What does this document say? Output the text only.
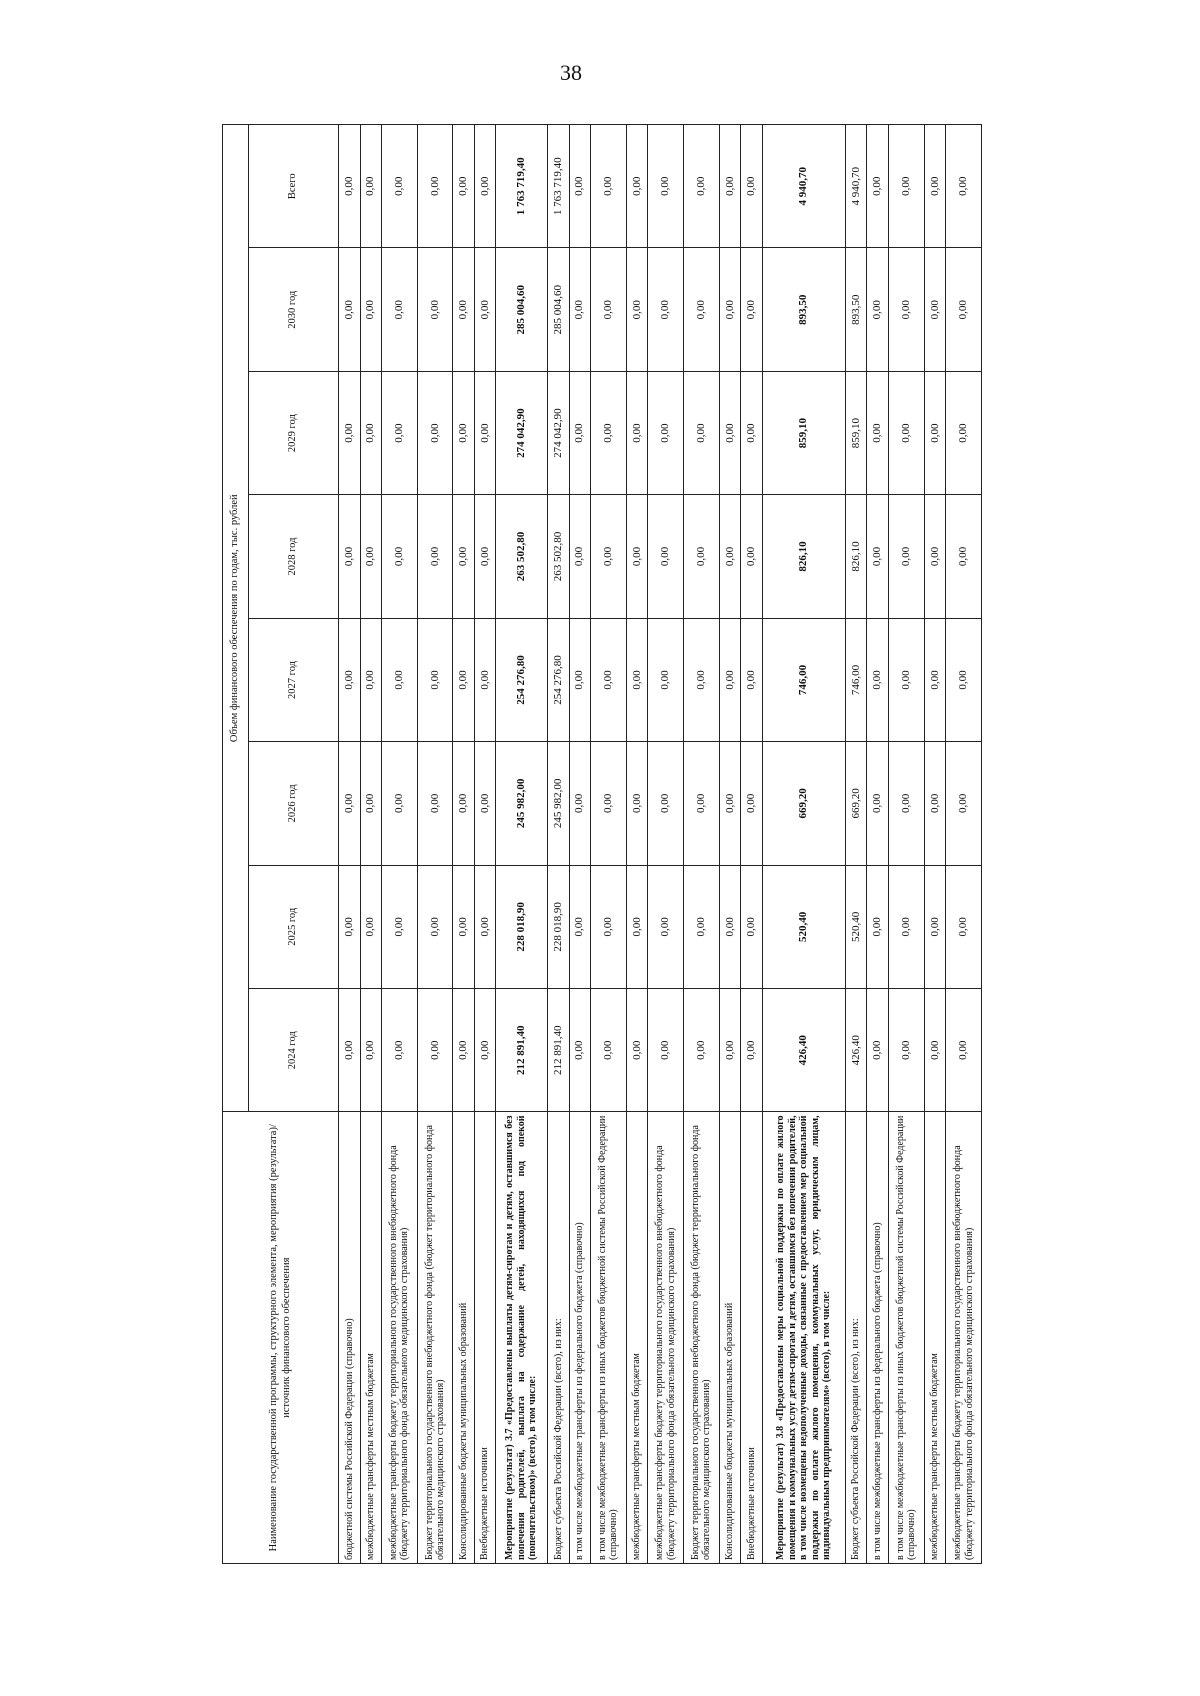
38
Наименование государственной программы, структурного элемента, мероприятия (результата)/источник финансового обеспечения	Объем финансового обеспечения по годам, тыс. рублей							
	2024 год	2025 год	2026 год	2027 год	2028 год	2029 год	2030 год	Всего
бюджетной системы Российской Федерации (справочно)	0,00	0,00	0,00	0,00	0,00	0,00	0,00	0,00
межбюджетные трансферты местным бюджетам	0,00	0,00	0,00	0,00	0,00	0,00	0,00	0,00
межбюджетные трансферты бюджету территориального государственного внебюджетного фонда (бюджету территориального фонда обязательного медицинского страхования)	0,00	0,00	0,00	0,00	0,00	0,00	0,00	0,00
Бюджет территориального государственного внебюджетного фонда (бюджет территориального фонда обязательного медицинского страхования)	0,00	0,00	0,00	0,00	0,00	0,00	0,00	0,00
Консолидированные бюджеты муниципальных образований	0,00	0,00	0,00	0,00	0,00	0,00	0,00	0,00
Внебюджетные источники	0,00	0,00	0,00	0,00	0,00	0,00	0,00	0,00
Мероприятие (результат) 3.7 «Предоставлены выплаты детям-сиротам и детям, оставшимся без попечения родителей, выплата на содержание детей, находящихся под опекой (попечительством)» (всего), в том числе:	212 891,40	228 018,90	245 982,00	254 276,80	263 502,80	274 042,90	285 004,60	1 763 719,40
Бюджет субъекта Российской Федерации (всего), из них:	212 891,40	228 018,90	245 982,00	254 276,80	263 502,80	274 042,90	285 004,60	1 763 719,40
в том числе межбюджетные трансферты из федерального бюджета (справочно)	0,00	0,00	0,00	0,00	0,00	0,00	0,00	0,00
в том числе межбюджетные трансферты из иных бюджетов бюджетной системы Российской Федерации (справочно)	0,00	0,00	0,00	0,00	0,00	0,00	0,00	0,00
межбюджетные трансферты местным бюджетам	0,00	0,00	0,00	0,00	0,00	0,00	0,00	0,00
межбюджетные трансферты бюджету территориального государственного внебюджетного фонда (бюджету территориального фонда обязательного медицинского страхования)	0,00	0,00	0,00	0,00	0,00	0,00	0,00	0,00
Бюджет территориального государственного внебюджетного фонда (бюджет территориального фонда обязательного медицинского страхования)	0,00	0,00	0,00	0,00	0,00	0,00	0,00	0,00
Консолидированные бюджеты муниципальных образований	0,00	0,00	0,00	0,00	0,00	0,00	0,00	0,00
Внебюджетные источники	0,00	0,00	0,00	0,00	0,00	0,00	0,00	0,00
Мероприятие (результат) 3.8 «Предоставлены меры социальной поддержки по оплате жилого помещения и коммунальных услуг детям-сиротам и детям, оставшимся без попечения родителей, в том числе возмещены недополученные доходы, связанные с предоставлением мер социальной поддержки по оплате жилого помещения, коммунальных услуг, юридическим лицам, индивидуальным предпринимателям» (всего), в том числе:	426,40	520,40	669,20	746,00	826,10	859,10	893,50	4 940,70
Бюджет субъекта Российской Федерации (всего), из них:	426,40	520,40	669,20	746,00	826,10	859,10	893,50	4 940,70
в том числе межбюджетные трансферты из федерального бюджета (справочно)	0,00	0,00	0,00	0,00	0,00	0,00	0,00	0,00
в том числе межбюджетные трансферты из иных бюджетов бюджетной системы Российской Федерации (справочно)	0,00	0,00	0,00	0,00	0,00	0,00	0,00	0,00
межбюджетные трансферты местным бюджетам	0,00	0,00	0,00	0,00	0,00	0,00	0,00	0,00
межбюджетные трансферты бюджету территориального государственного внебюджетного фонда (бюджету территориального фонда обязательного медицинского страхования)	0,00	0,00	0,00	0,00	0,00	0,00	0,00	0,00
